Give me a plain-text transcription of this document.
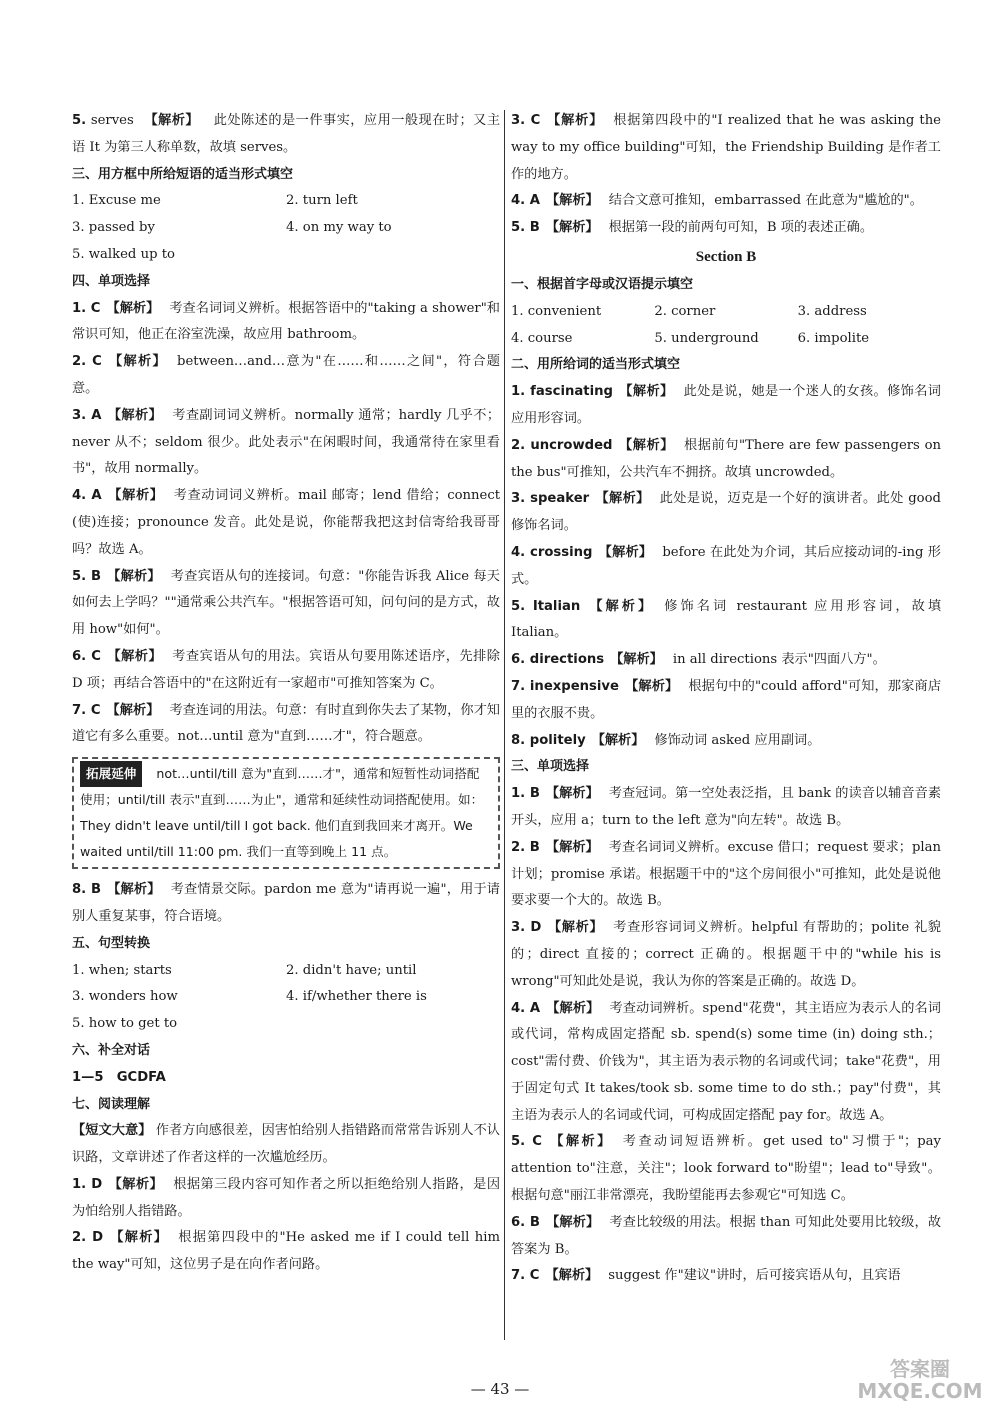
5. serves 【解析】 此处陈述的是一件事实，应用一般现在时；又主语 It 为第三人称单数，故填 serves。
三、用方框中所给短语的适当形式填空
1. Excuse me	2. turn left
3. passed by	4. on my way to
5. walked up to
四、单项选择
1. C 【解析】 考查名词词义辨析。根据答语中的"taking a shower"和常识可知，他正在浴室洗澡，故应用 bathroom。
2. C 【解析】 between…and…意为"在……和……之间"，符合题意。
3. A 【解析】 考查副词词义辨析。normally 通常；hardly 几乎不；never 从不；seldom 很少。此处表示"在闲暇时间，我通常待在家里看书"，故用 normally。
4. A 【解析】 考查动词词义辨析。mail 邮寄；lend 借给；connect (使)连接；pronounce 发音。此处是说，你能帮我把这封信寄给我哥哥吗？故选 A。
5. B 【解析】 考查宾语从句的连接词。句意："你能告诉我 Alice 每天如何去上学吗？""通常乘公共汽车。"根据答语可知，问句问的是方式，故用 how"如何"。
6. C 【解析】 考查宾语从句的用法。宾语从句要用陈述语序，先排除 D 项；再结合答语中的"在这附近有一家超市"可推知答案为 C。
7. C 【解析】 考查连词的用法。句意：有时直到你失去了某物，你才知道它有多么重要。not…until 意为"直到……才"，符合题意。
拓展延伸 not…until/till 意为"直到……才"，通常和短暂性动词搭配使用；until/till 表示"直到……为止"，通常和延续性动词搭配使用。如：They didn't leave until/till I got back. 他们直到我回来才离开。We waited until/till 11:00 pm. 我们一直等到晚上 11 点。
8. B 【解析】 考查情景交际。pardon me 意为"请再说一遍"，用于请别人重复某事，符合语境。
五、句型转换
1. when; starts	2. didn't have; until
3. wonders how	4. if/whether there is
5. how to get to
六、补全对话
1—5　GCDFA
七、阅读理解
【短文大意】 作者方向感很差，因害怕给别人指错路而常常告诉别人不认识路，文章讲述了作者这样的一次尴尬经历。
1. D 【解析】 根据第三段内容可知作者之所以拒绝给别人指路，是因为怕给别人指错路。
2. D 【解析】 根据第四段中的"He asked me if I could tell him the way"可知，这位男子是在向作者问路。
3. C 【解析】 根据第四段中的"I realized that he was asking the way to my office building"可知，the Friendship Building 是作者工作的地方。
4. A 【解析】 结合文意可推知，embarrassed 在此意为"尴尬的"。
5. B 【解析】 根据第一段的前两句可知，B 项的表述正确。
Section B
一、根据首字母或汉语提示填空
1. convenient	2. corner	3. address
4. course	5. underground	6. impolite
二、用所给词的适当形式填空
1. fascinating 【解析】 此处是说，她是一个迷人的女孩。修饰名词应用形容词。
2. uncrowded 【解析】 根据前句"There are few passengers on the bus"可推知，公共汽车不拥挤。故填 uncrowded。
3. speaker 【解析】 此处是说，迈克是一个好的演讲者。此处 good 修饰名词。
4. crossing 【解析】 before 在此处为介词，其后应接动词的-ing 形式。
5. Italian 【解析】 修饰名词 restaurant 应用形容词，故填 Italian。
6. directions 【解析】 in all directions 表示"四面八方"。
7. inexpensive 【解析】 根据句中的"could afford"可知，那家商店里的衣服不贵。
8. politely 【解析】 修饰动词 asked 应用副词。
三、单项选择
1. B 【解析】 考查冠词。第一空处表泛指，且 bank 的读音以辅音音素开头，应用 a；turn to the left 意为"向左转"。故选 B。
2. B 【解析】 考查名词词义辨析。excuse 借口；request 要求；plan 计划；promise 承诺。根据题干中的"这个房间很小"可推知，此处是说他要求要一个大的。故选 B。
3. D 【解析】 考查形容词词义辨析。helpful 有帮助的；polite 礼貌的；direct 直接的；correct 正确的。根据题干中的"while his is wrong"可知此处是说，我认为你的答案是正确的。故选 D。
4. A 【解析】 考查动词辨析。spend"花费"，其主语应为表示人的名词或代词，常构成固定搭配 sb. spend(s) some time (in) doing sth.；cost"需付费、价钱为"，其主语为表示物的名词或代词；take"花费"，用于固定句式 It takes/took sb. some time to do sth.；pay"付费"，其主语为表示人的名词或代词，可构成固定搭配 pay for。故选 A。
5. C 【解析】 考查动词短语辨析。get used to"习惯于"；pay attention to"注意，关注"；look forward to"盼望"；lead to"导致"。根据句意"丽江非常漂亮，我盼望能再去参观它"可知选 C。
6. B 【解析】 考查比较级的用法。根据 than 可知此处要用比较级，故答案为 B。
7. C 【解析】 suggest 作"建议"讲时，后可接宾语从句，且宾语
— 43 —
答案圈 MXQE.COM
